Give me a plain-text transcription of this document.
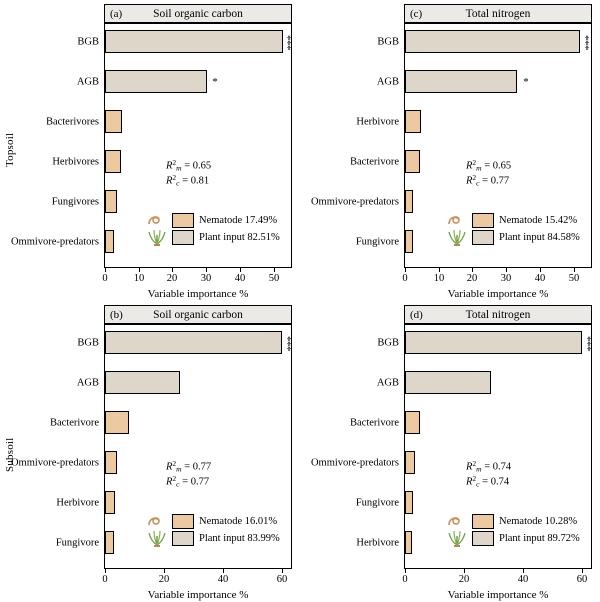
Topsoil
Subsoil
(a)	Soil organic carbon
***
*
BGB
AGB
Bacterivores
Herbivores
Fungivores
Ommivore-predators
0 10 20 30 40 50
Variable importance %
$R^2_m = 0.65$
$R^2_c = 0.81$
Nematode 17.49%
Plant input 82.51%
(c)	Total nitrogen
***
*
BGB
AGB
Herbivore
Bacterivore
Ommivore-predators
Fungivore
0 10 20 30 40 50
Variable importance %
$R^2_m = 0.65$
$R^2_c = 0.77$
Nematode 15.42%
Plant input 84.58%
(b)	Soil organic carbon
***
BGB
AGB
Bacterivore
Ommivore-predators
Herbivore
Fungivore
0	20	40	60
Variable importance %
$R^2_m = 0.77$
$R^2_c = 0.77$
Nematode 16.01%
Plant input 83.99%
(d)	Total nitrogen
***
BGB
AGB
Bacterivore
Ommivore-predators
Fungivore
Herbivore
0	20	40	60
Variable importance %
$R^2_m = 0.74$
$R^2_c = 0.74$
Nematode 10.28%
Plant input 89.72%
